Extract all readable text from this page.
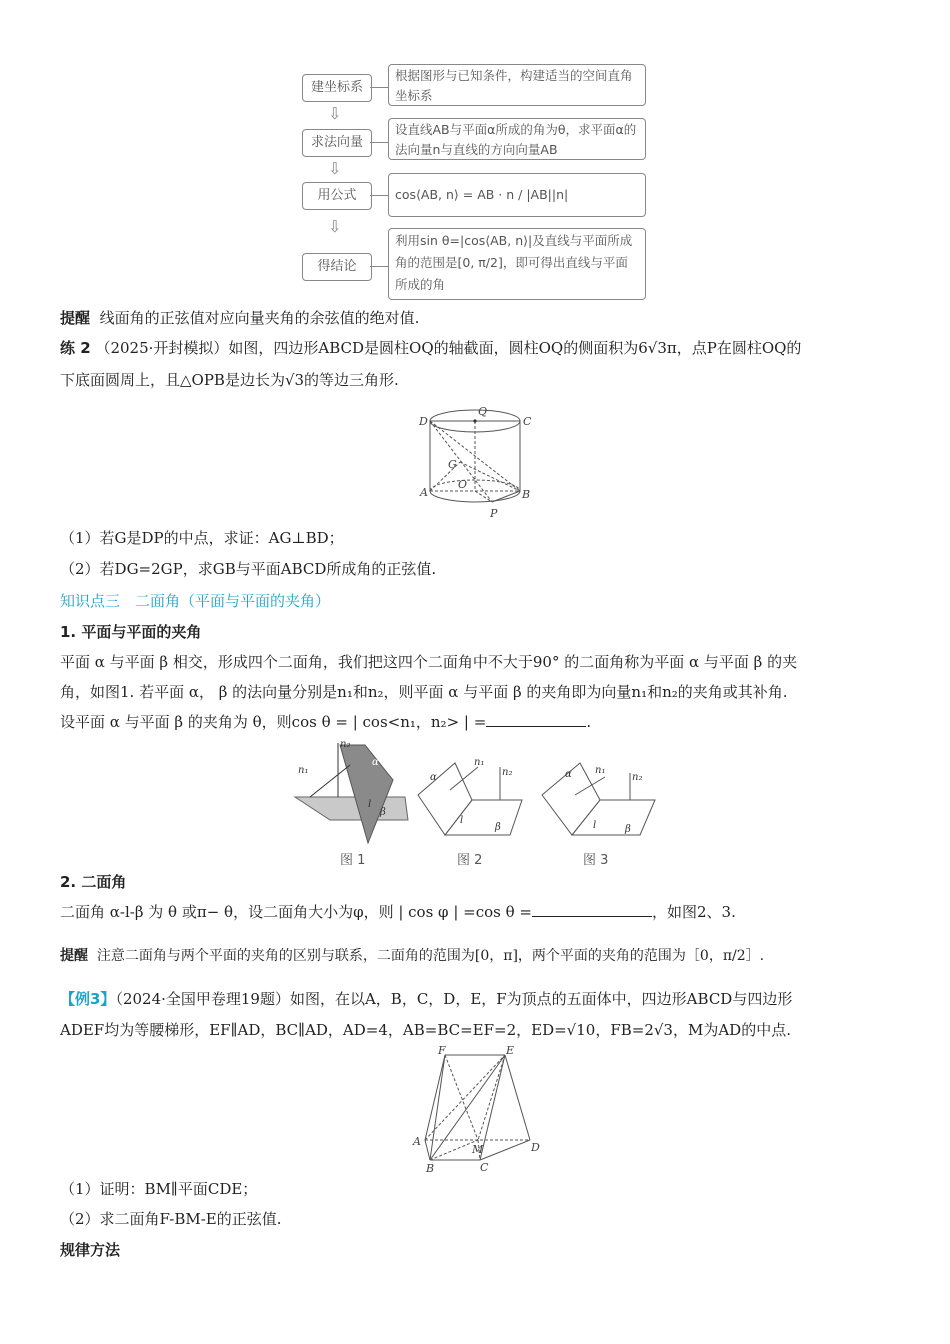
建坐标系
根据图形与已知条件，构建适当的空间直角坐标系
⇩
求法向量
设直线AB与平面α所成的角为θ，求平面α的法向量n与直线的方向向量AB
⇩
用公式	cos⟨AB, n⟩ = AB · n / |AB||n|
⇩
得结论
利用sin θ=|cos⟨AB, n⟩|及直线与平面所成角的范围是[0, π/2]，即可得出直线与平面所成的角
提醒 线面角的正弦值对应向量夹角的余弦值的绝对值.
练 2 （2025·开封模拟）如图，四边形ABCD是圆柱OQ的轴截面，圆柱OQ的侧面积为6√3π，点P在圆柱OQ的
下底面圆周上，且△OPB是边长为√3的等边三角形.
D
Q
C
G
O
A	B
P
（1）若G是DP的中点，求证：AG⊥BD；
（2）若DG=2GP，求GB与平面ABCD所成角的正弦值.
知识点三　二面角（平面与平面的夹角）
1. 平面与平面的夹角
平面 α 与平面 β 相交，形成四个二面角，我们把这四个二面角中不大于90° 的二面角称为平面 α 与平面 β 的夹
角，如图1. 若平面 α， β 的法向量分别是n₁和n₂，则平面 α 与平面 β 的夹角即为向量n₁和n₂的夹角或其补角.
设平面 α 与平面 β 的夹角为 θ，则cos θ = | cos<n₁，n₂> | =	.
n₁
n₂
α
β
l
α
n₁
n₂
l
β
α n₁
n₂
l	β
图 1	图 2	图 3
2. 二面角
二面角 α-l-β 为 θ 或π− θ，设二面角大小为φ，则 | cos φ | =cos θ =	，如图2、3.
提醒 注意二面角与两个平面的夹角的区别与联系，二面角的范围为[0，π]，两个平面的夹角的范围为［0，π/2］.
【例3】（2024·全国甲卷理19题）如图，在以A，B，C，D，E，F为顶点的五面体中，四边形ABCD与四边形
ADEF均为等腰梯形，EF∥AD，BC∥AD，AD=4，AB=BC=EF=2，ED=√10，FB=2√3，M为AD的中点.
F	E
A
M	D
B	C
（1）证明：BM∥平面CDE；
（2）求二面角F-BM-E的正弦值.
规律方法
